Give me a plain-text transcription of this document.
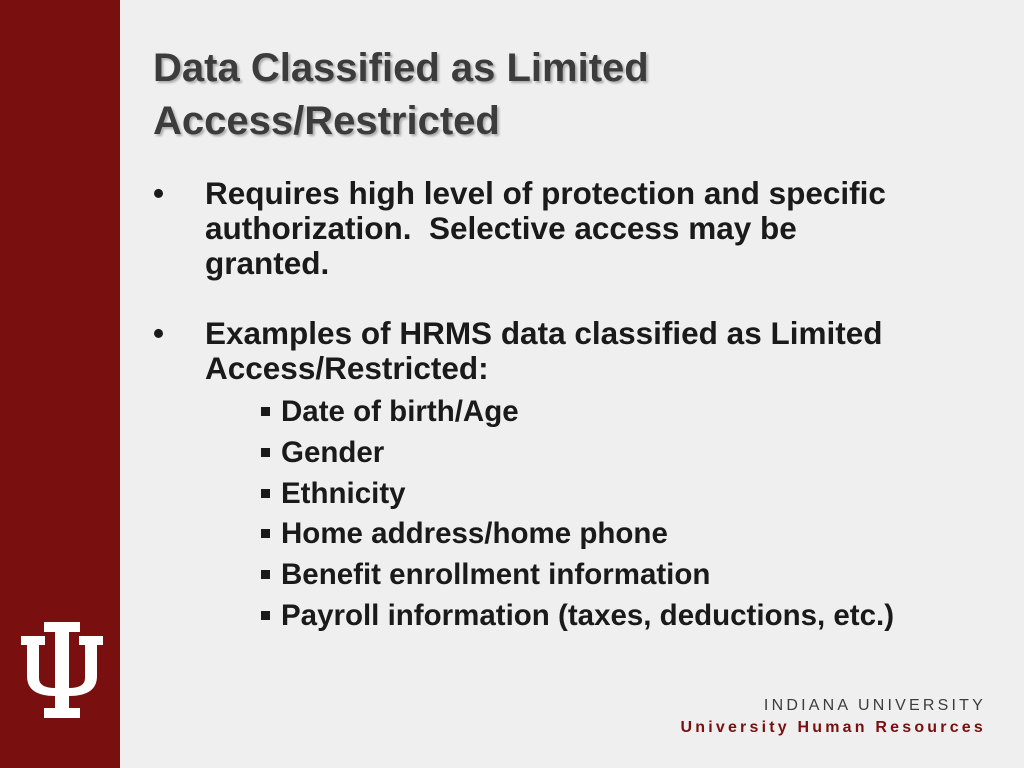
Data Classified as Limited
Access/Restricted
• Requires high level of protection and specific
authorization.  Selective access may be
granted.
• Examples of HRMS data classified as Limited
Access/Restricted:
Date of birth/Age
Gender
Ethnicity
Home address/home phone
Benefit enrollment information
Payroll information (taxes, deductions, etc.)
INDIANA UNIVERSITY
University Human Resources
